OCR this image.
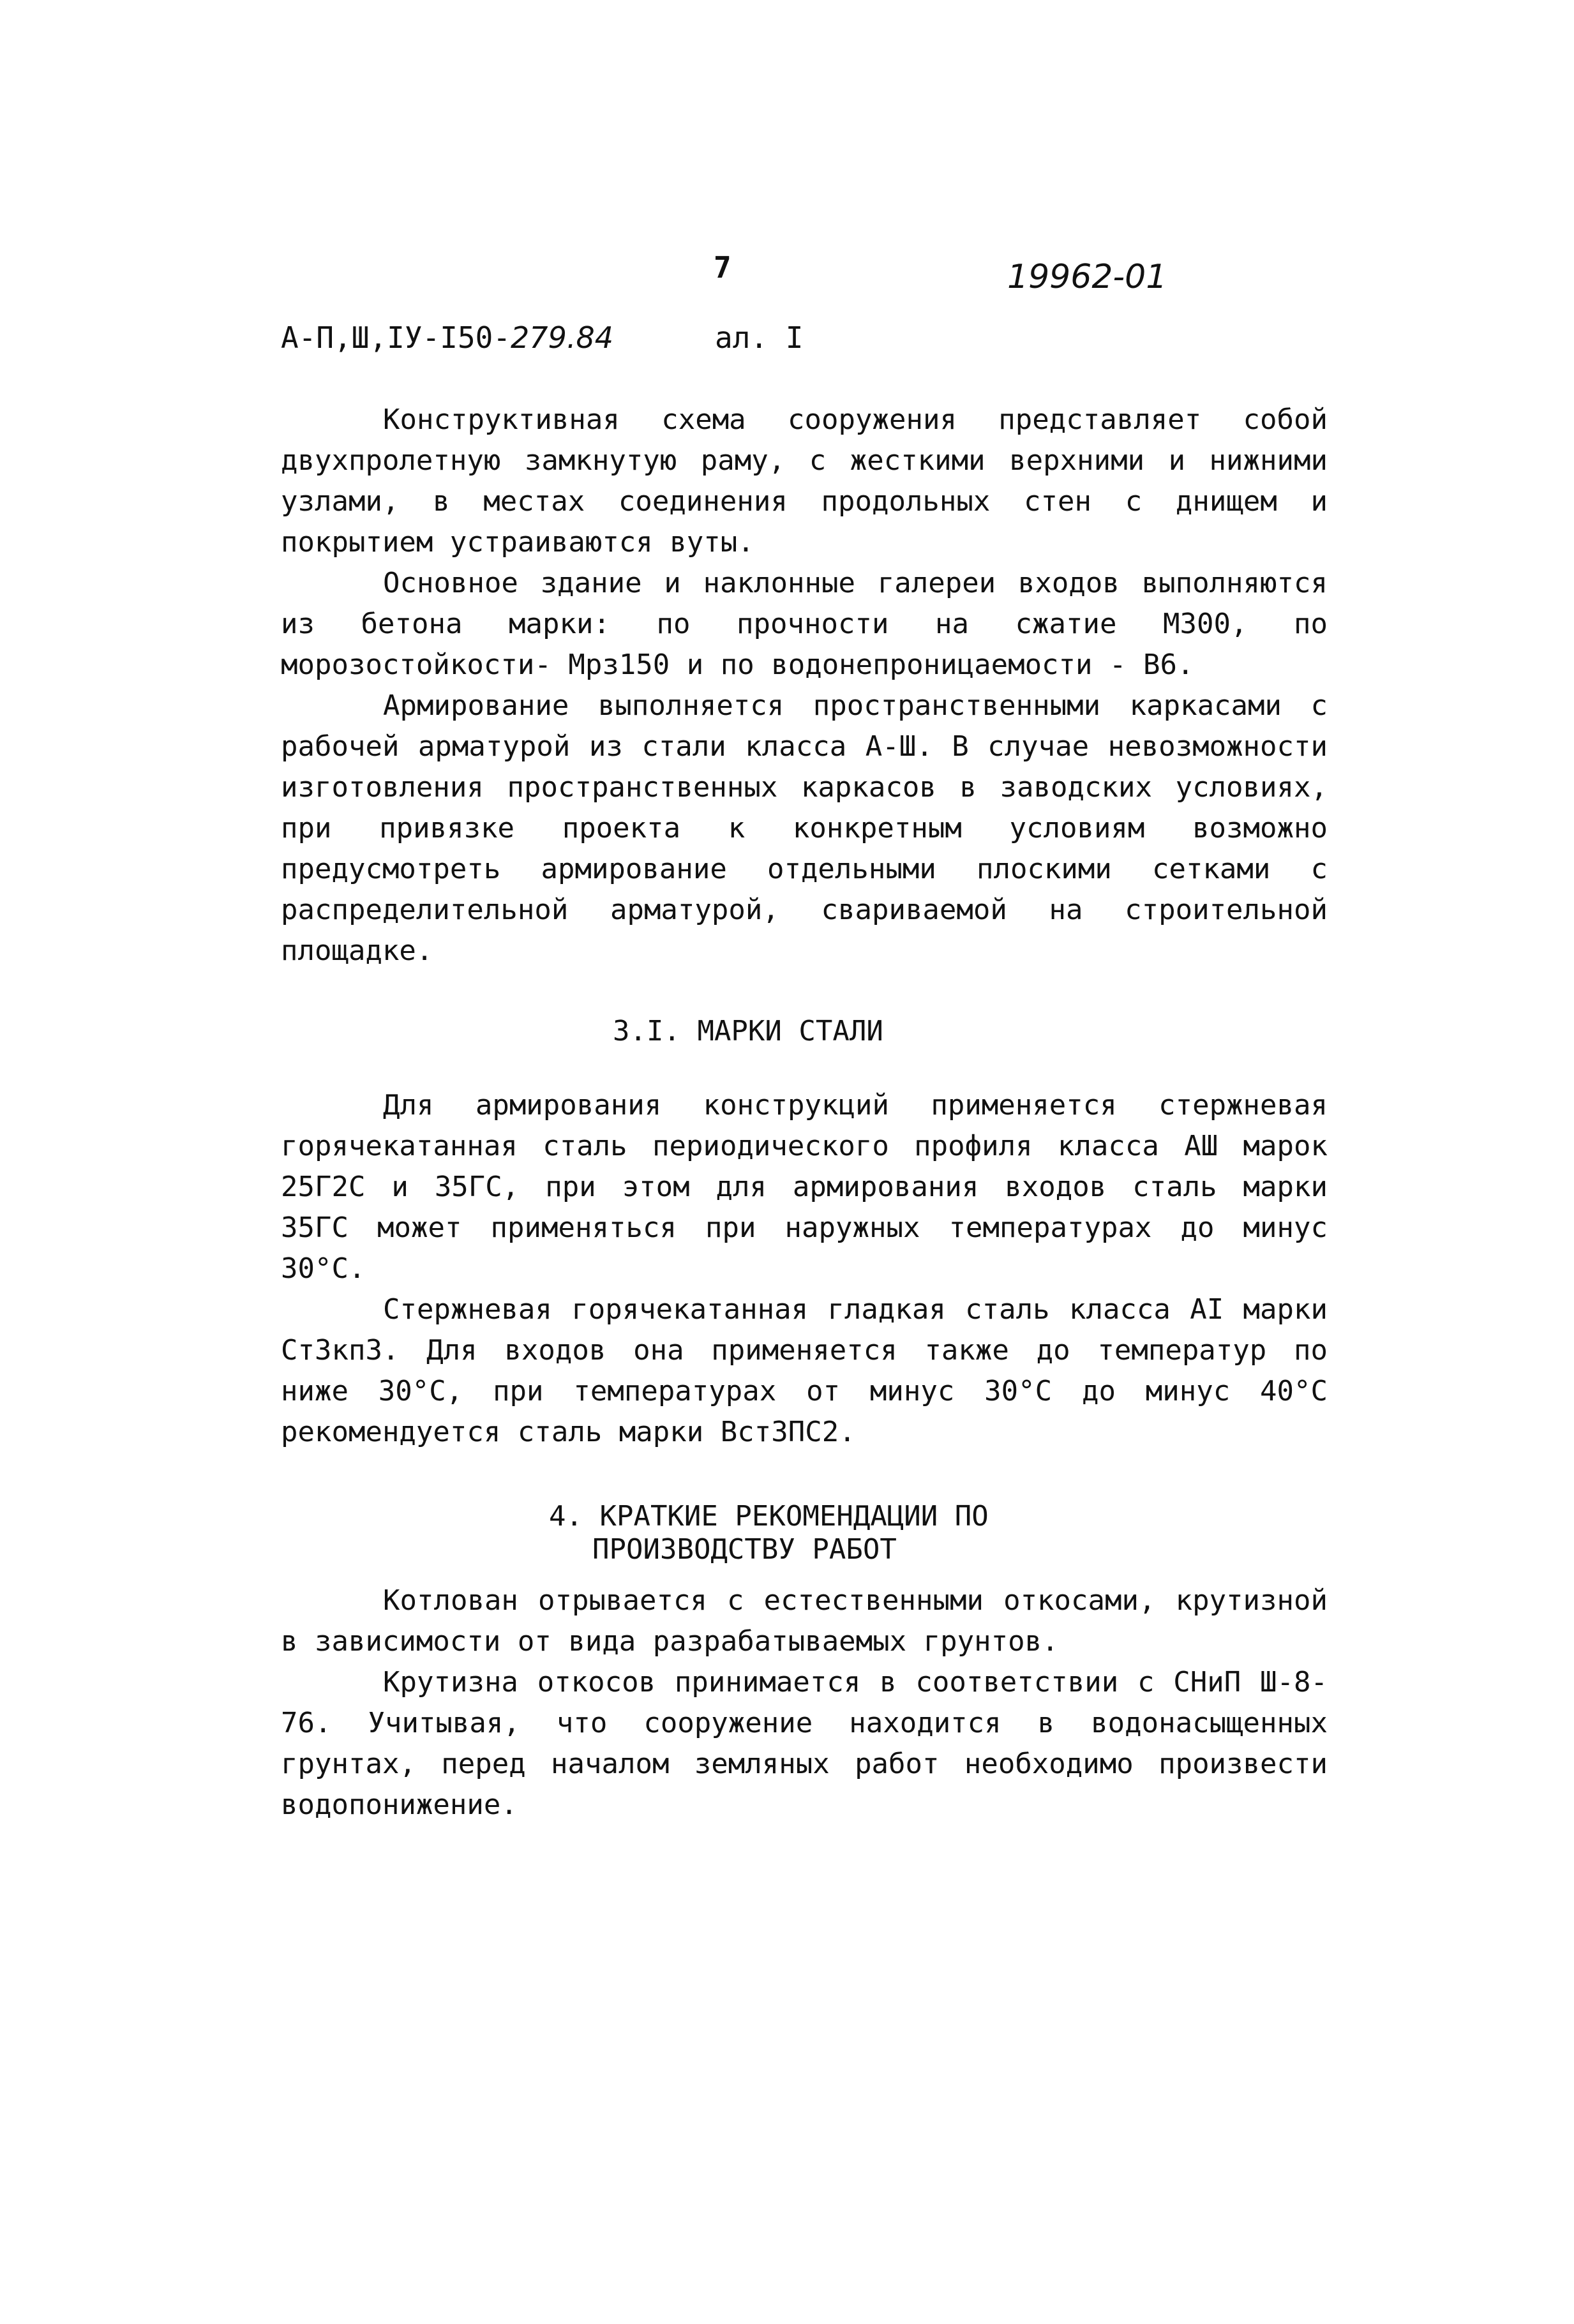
7	19962-01
А-П,Ш,IУ-I50-279.84	ал. I

Конструктивная схема сооружения представляет собой двухпролетную замкнутую раму, с жесткими верхними и нижними узлами, в местах соединения продольных стен с днищем и покрытием устраиваются вуты.

Основное здание и наклонные галереи входов выполняются из бетона марки: по прочности на сжатие М300, по морозостойкости- Мрз150 и по водонепроницаемости - В6.

Армирование выполняется пространственными каркасами с рабочей арматурой из стали класса А-Ш. В случае невозможности изготовления пространственных каркасов в заводских условиях, при привязке проекта к конкретным условиям возможно предусмотреть армирование отдельными плоскими сетками с распределительной арматурой, свариваемой на строительной площадке.

3.I. МАРКИ СТАЛИ

Для армирования конструкций применяется стержневая горячекатанная сталь периодического профиля класса АШ марок 25Г2С и 35ГС, при этом для армирования входов сталь марки 35ГС может применяться при наружных температурах до минус 30°С.

Стержневая горячекатанная гладкая сталь класса АI марки Ст3кп3. Для входов она применяется также до температур по ниже 30°С, при температурах от минус 30°С до минус 40°С рекомендуется сталь марки Вст3ПС2.

4. КРАТКИЕ РЕКОМЕНДАЦИИ ПО
ПРОИЗВОДСТВУ РАБОТ

Котлован отрывается с естественными откосами, крутизной в зависимости от вида разрабатываемых грунтов.

Крутизна откосов принимается в соответствии с СНиП Ш-8-76. Учитывая, что сооружение находится в водонасыщенных грунтах, перед началом земляных работ необходимо произвести водопонижение.
